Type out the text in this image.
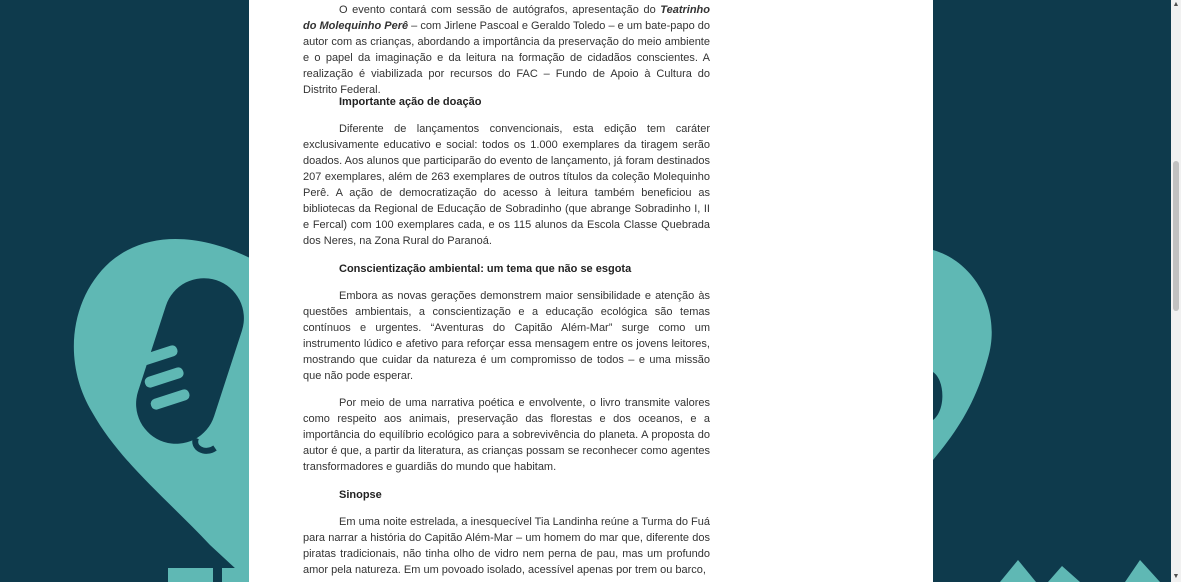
O evento contará com sessão de autógrafos, apresentação do Teatrinho do Molequinho Perê – com Jirlene Pascoal e Geraldo Toledo – e um bate-papo do autor com as crianças, abordando a importância da preservação do meio ambiente e o papel da imaginação e da leitura na formação de cidadãos conscientes. A realização é viabilizada por recursos do FAC – Fundo de Apoio à Cultura do Distrito Federal.

Importante ação de doação

Diferente de lançamentos convencionais, esta edição tem caráter exclusivamente educativo e social: todos os 1.000 exemplares da tiragem serão doados. Aos alunos que participarão do evento de lançamento, já foram destinados 207 exemplares, além de 263 exemplares de outros títulos da coleção Molequinho Perê. A ação de democratização do acesso à leitura também beneficiou as bibliotecas da Regional de Educação de Sobradinho (que abrange Sobradinho I, II e Fercal) com 100 exemplares cada, e os 115 alunos da Escola Classe Quebrada dos Neres, na Zona Rural do Paranoá.

Conscientização ambiental: um tema que não se esgota

Embora as novas gerações demonstrem maior sensibilidade e atenção às questões ambientais, a conscientização e a educação ecológica são temas contínuos e urgentes. “Aventuras do Capitão Além-Mar” surge como um instrumento lúdico e afetivo para reforçar essa mensagem entre os jovens leitores, mostrando que cuidar da natureza é um compromisso de todos – e uma missão que não pode esperar.

Por meio de uma narrativa poética e envolvente, o livro transmite valores como respeito aos animais, preservação das florestas e dos oceanos, e a importância do equilíbrio ecológico para a sobrevivência do planeta. A proposta do autor é que, a partir da literatura, as crianças possam se reconhecer como agentes transformadores e guardiãs do mundo que habitam.

Sinopse

Em uma noite estrelada, a inesquecível Tia Landinha reúne a Turma do Fuá para narrar a história do Capitão Além-Mar – um homem do mar que, diferente dos piratas tradicionais, não tinha olho de vidro nem perna de pau, mas um profundo amor pela natureza. Em um povoado isolado, acessível apenas por trem ou barco,

▲
▼
